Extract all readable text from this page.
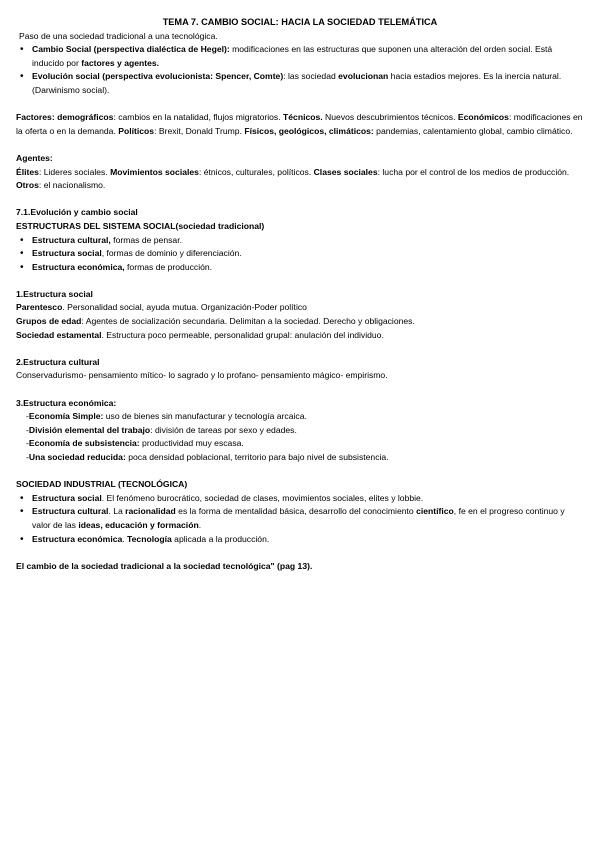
TEMA 7. CAMBIO SOCIAL: HACIA LA SOCIEDAD TELEMÁTICA
Paso de una sociedad tradicional a una tecnológica.
• Cambio Social (perspectiva dialéctica de Hegel): modificaciones en las estructuras que suponen una alteración del orden social. Está inducido por factores y agentes.
• Evolución social (perspectiva evolucionista: Spencer, Comte): las sociedad evolucionan hacia estadios mejores. Es la inercia natural. (Darwinismo social).

Factores: demográficos: cambios en la natalidad, flujos migratorios. Técnicos. Nuevos descubrimientos técnicos. Económicos: modificaciones en la oferta o en la demanda. Políticos: Brexit, Donald Trump. Físicos, geológicos, climáticos: pandemias, calentamiento global, cambio climático.

Agentes:

Élites: Lideres sociales. Movimientos sociales: étnicos, culturales, políticos. Clases sociales: lucha por el control de los medios de producción. Otros: el nacionalismo.

7.1.Evolución y cambio social

ESTRUCTURAS DEL SISTEMA SOCIAL(sociedad tradicional)

• Estructura cultural, formas de pensar.
• Estructura social, formas de dominio y diferenciación.
• Estructura económica, formas de producción.

1.Estructura social

Parentesco. Personalidad social, ayuda mutua. Organización-Poder político

Grupos de edad: Agentes de socialización secundaria. Delimitan a la sociedad. Derecho y obligaciones.

Sociedad estamental. Estructura poco permeable, personalidad grupal: anulación del individuo.

2.Estructura cultural

Conservadurismo- pensamiento mítico- lo sagrado y lo profano- pensamiento mágico- empirismo.

3.Estructura económica:

-Economía Simple: uso de bienes sin manufacturar y tecnología arcaica.

-División elemental del trabajo: división de tareas por sexo y edades.

-Economía de subsistencia: productividad muy escasa.

-Una sociedad reducida: poca densidad poblacional, territorio para bajo nivel de subsistencia.

SOCIEDAD INDUSTRIAL (TECNOLÓGICA)

• Estructura social. El fenómeno burocrático, sociedad de clases, movimientos sociales, elites y lobbie.
• Estructura cultural. La racionalidad es la forma de mentalidad básica, desarrollo del conocimiento científico, fe en el progreso continuo y valor de las ideas, educación y formación.
• Estructura económica. Tecnología aplicada a la producción.

El cambio de la sociedad tradicional a la sociedad tecnológica" (pag 13).
